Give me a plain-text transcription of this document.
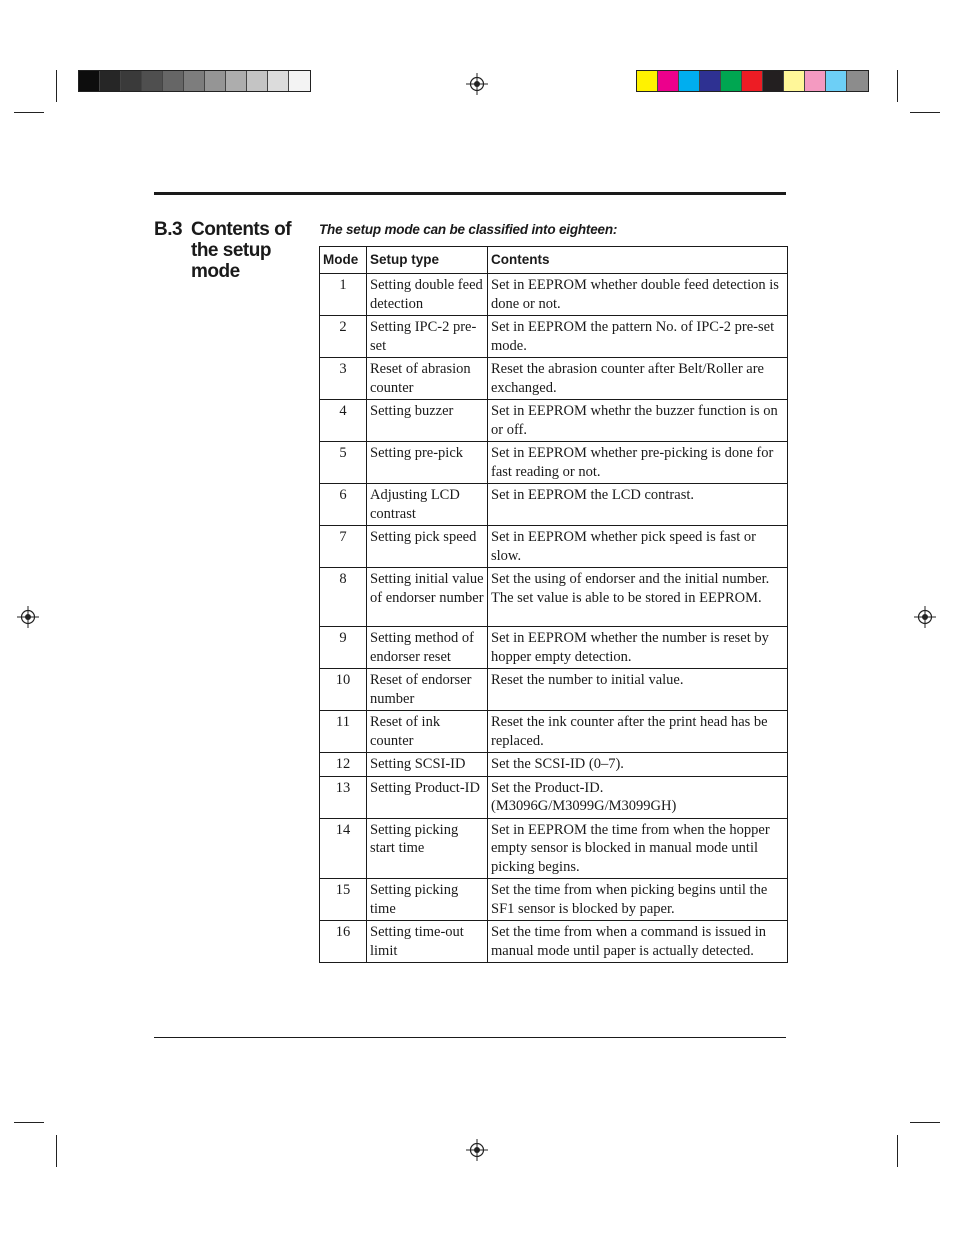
B.3 Contents of the setup mode
The setup mode can be classified into eighteen:
Mode	Setup type	Contents
1	Setting double feed detection	Set in EEPROM whether double feed detection is done or not.
2	Setting IPC-2 pre-set	Set in EEPROM the pattern No. of IPC-2 pre-set mode.
3	Reset of abrasion counter	Reset the abrasion counter after Belt/Roller are exchanged.
4	Setting buzzer	Set in EEPROM whethr the buzzer function is on or off.
5	Setting pre-pick	Set in EEPROM whether pre-picking is done for fast reading or not.
6	Adjusting LCD contrast	Set in EEPROM the LCD contrast.
7	Setting pick speed	Set in EEPROM whether pick speed is fast or slow.
8	Setting initial value of endorser number	Set the using of endorser and the initial number. The set value is able to be stored in EEPROM.
9	Setting method of endorser reset	Set in EEPROM whether the number is reset by hopper empty detection.
10	Reset of endorser number	Reset the number to initial value.
11	Reset of ink counter	Reset the ink counter after the print head has be replaced.
12	Setting SCSI-ID	Set the SCSI-ID (0–7).
13	Setting Product-ID	Set the Product-ID. (M3096G/M3099G/M3099GH)
14	Setting picking start time	Set in EEPROM the time from when the hopper empty sensor is blocked in manual mode until picking begins.
15	Setting picking time	Set the time from when picking begins until the SF1 sensor is blocked by paper.
16	Setting time-out limit	Set the time from when a command is issued in manual mode until paper is actually detected.
